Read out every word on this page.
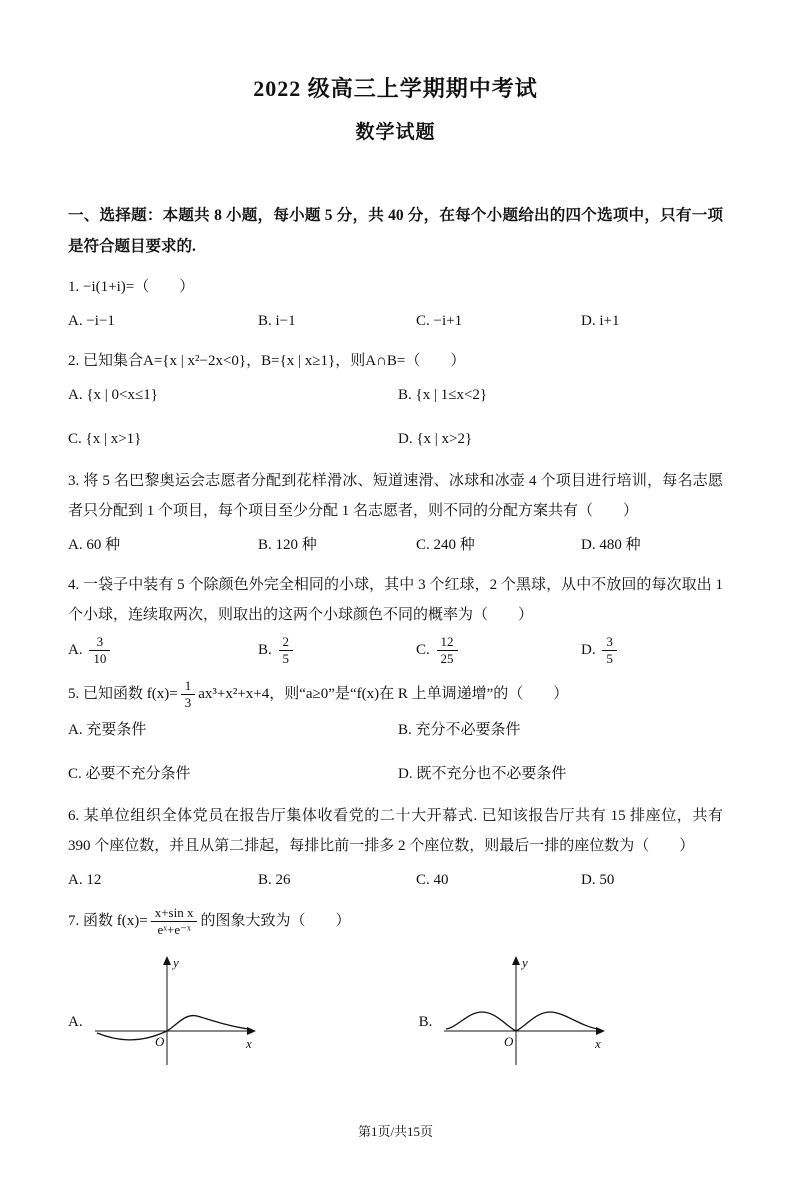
2022 级高三上学期期中考试
数学试题
一、选择题：本题共 8 小题，每小题 5 分，共 40 分，在每个小题给出的四个选项中，只有一项是符合题目要求的.

1. −i(1+i)=（　　）

A. −i−1	B. i−1	C. −i+1	D. i+1

2. 已知集合A={x | x²−2x<0}，B={x | x≥1}，则A∩B=（　　）

A. {x | 0<x≤1}	B. {x | 1≤x<2}
C. {x | x>1}	D. {x | x>2}

3. 将 5 名巴黎奥运会志愿者分配到花样滑冰、短道速滑、冰球和冰壶 4 个项目进行培训，每名志愿者只分配到 1 个项目，每个项目至少分配 1 名志愿者，则不同的分配方案共有（　　）

A. 60 种	B. 120 种	C. 240 种	D. 480 种

4. 一袋子中装有 5 个除颜色外完全相同的小球，其中 3 个红球，2 个黑球，从中不放回的每次取出 1 个小球，连续取两次，则取出的这两个小球颜色不同的概率为（　　）

A. $\frac{3}{10}$	B. $\frac{2}{5}$	C. $\frac{12}{25}$	D. $\frac{3}{5}$

5. 已知函数 $f(x)= \frac{1}{3} ax^3+x^2+x+4$，则“a≥0”是“f(x)在 R 上单调递增”的（　　）

A. 充要条件	B. 充分不必要条件
C. 必要不充分条件	D. 既不充分也不必要条件

6. 某单位组织全体党员在报告厅集体收看党的二十大开幕式. 已知该报告厅共有 15 排座位，共有 390 个座位数，并且从第二排起，每排比前一排多 2 个座位数，则最后一排的座位数为（　　）

A. 12	B. 26	C. 40	D. 50

7. 函数 $f(x)= \frac{\text{x+sin x}}{\text{eˣ+e⁻ˣ}}$ 的图象大致为（　　）

A.
y
O	x
B.
y
O	x
第1页/共15页
